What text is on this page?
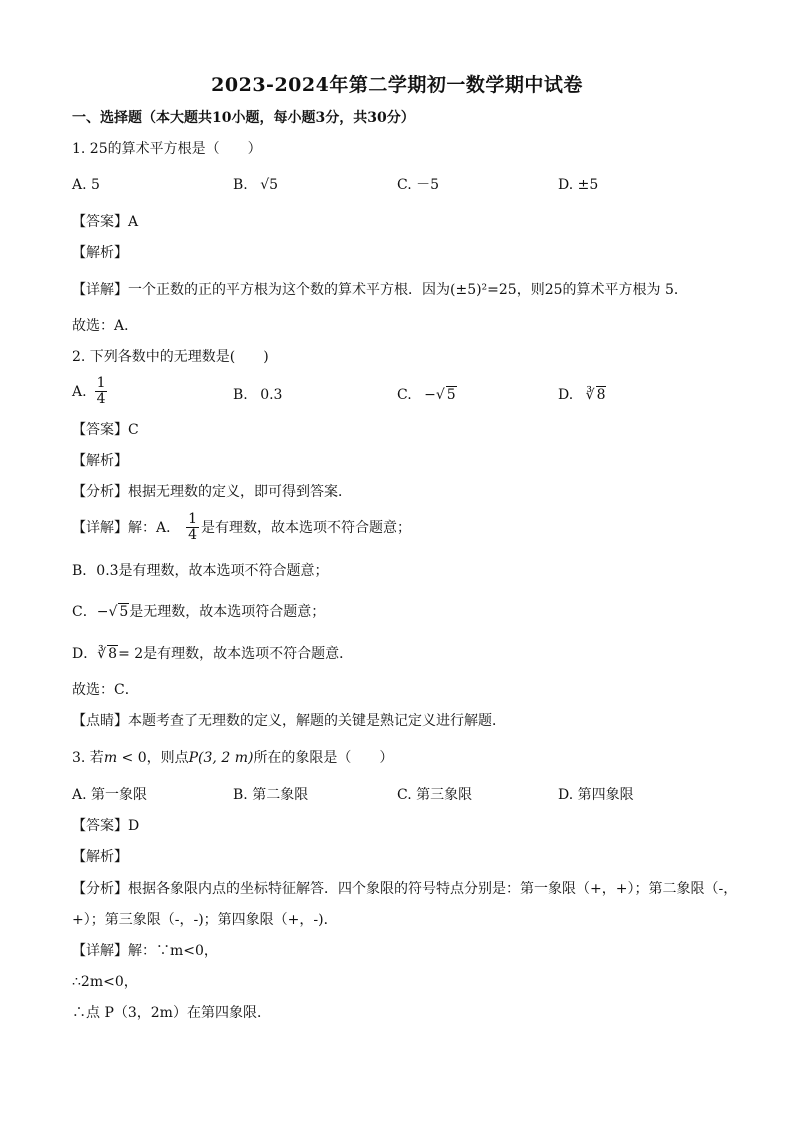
2023-2024年第二学期初一数学期中试卷
一、选择题（本大题共10小题，每小题3分，共30分）
1. 25的算术平方根是（　　）
A. 5	B. √5	C. －5	D. ±5
【答案】A
【解析】
【详解】一个正数的正的平方根为这个数的算术平方根．因为(±5)²=25，则25的算术平方根为 5．
故选：A．
2. 下列各数中的无理数是(　　)
A. $\frac{1}{4}$	B. 0.3	C. −√ 5	D. ∛ 8
【答案】C
【解析】
【分析】根据无理数的定义，即可得到答案．
【详解】解：A． $\frac{1}{4}$ 是有理数，故本选项不符合题意；
B．0.3̇是有理数，故本选项不符合题意；
C．−√ 5是无理数，故本选项符合题意；
D．∛ 8= 2是有理数，故本选项不符合题意．
故选：C．
【点睛】本题考查了无理数的定义，解题的关键是熟记定义进行解题．
3. 若m < 0，则点P(3, 2 m)所在的象限是（　　）
A. 第一象限	B. 第二象限	C. 第三象限	D. 第四象限
【答案】D
【解析】
【分析】根据各象限内点的坐标特征解答．四个象限的符号特点分别是：第一象限（+，+）；第二象限（-，
+）；第三象限（-，-)；第四象限（+，-)．
【详解】解：∵m<0，
∴2m<0，
∴点 P（3，2m）在第四象限．
